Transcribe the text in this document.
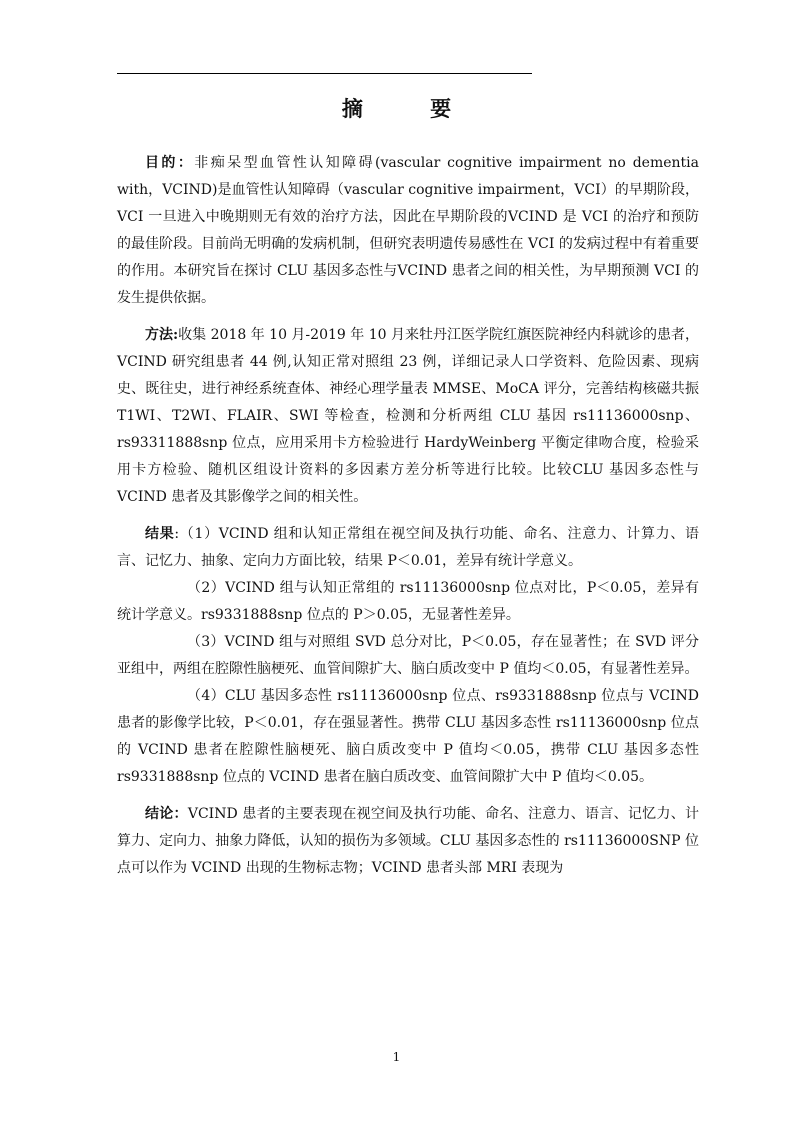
摘 要

目的：非痴呆型血管性认知障碍(vascular cognitive impairment no dementia with，VCIND)是血管性认知障碍（vascular cognitive impairment，VCI）的早期阶段，VCI 一旦进入中晚期则无有效的治疗方法，因此在早期阶段的VCIND 是 VCI 的治疗和预防的最佳阶段。目前尚无明确的发病机制，但研究表明遗传易感性在 VCI 的发病过程中有着重要的作用。本研究旨在探讨 CLU 基因多态性与VCIND 患者之间的相关性，为早期预测 VCI 的发生提供依据。

方法:收集 2018 年 10 月-2019 年 10 月来牡丹江医学院红旗医院神经内科就诊的患者，VCIND 研究组患者 44 例,认知正常对照组 23 例，详细记录人口学资料、危险因素、现病史、既往史，进行神经系统查体、神经心理学量表 MMSE、MoCA 评分，完善结构核磁共振 T1WI、T2WI、FLAIR、SWI 等检查，检测和分析两组 CLU 基因 rs11136000snp、rs93311888snp 位点，应用采用卡方检验进行 HardyWeinberg 平衡定律吻合度，检验采用卡方检验、随机区组设计资料的多因素方差分析等进行比较。比较CLU 基因多态性与VCIND 患者及其影像学之间的相关性。

结果:（1）VCIND 组和认知正常组在视空间及执行功能、命名、注意力、计算力、语言、记忆力、抽象、定向力方面比较，结果 P＜0.01，差异有统计学意义。

（2）VCIND 组与认知正常组的 rs11136000snp 位点对比，P＜0.05，差异有统计学意义。rs9331888snp 位点的 P＞0.05，无显著性差异。

（3）VCIND 组与对照组 SVD 总分对比，P＜0.05，存在显著性；在 SVD 评分亚组中，两组在腔隙性脑梗死、血管间隙扩大、脑白质改变中 P 值均＜0.05，有显著性差异。

（4）CLU 基因多态性 rs11136000snp 位点、rs9331888snp 位点与 VCIND 患者的影像学比较，P＜0.01，存在强显著性。携带 CLU 基因多态性 rs11136000snp 位点的 VCIND 患者在腔隙性脑梗死、脑白质改变中 P 值均＜0.05，携带 CLU 基因多态性 rs9331888snp 位点的 VCIND 患者在脑白质改变、血管间隙扩大中 P 值均＜0.05。

结论：VCIND 患者的主要表现在视空间及执行功能、命名、注意力、语言、记忆力、计算力、定向力、抽象力降低，认知的损伤为多领域。CLU 基因多态性的 rs11136000SNP 位点可以作为 VCIND 出现的生物标志物；VCIND 患者头部 MRI 表现为

1
